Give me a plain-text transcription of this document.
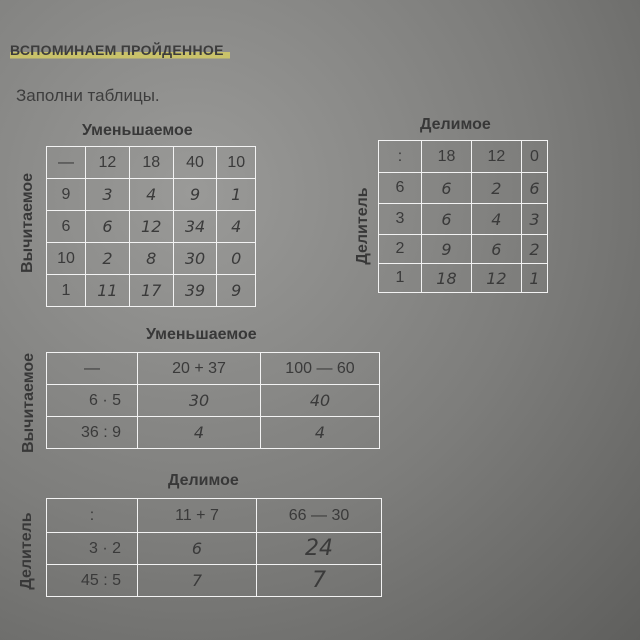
ВСПОМИНАЕМ ПРОЙДЕННОЕ
Заполни таблицы.
Уменьшаемое
Вычитаемое
—	12	18	40	10
9	3	4	9	1
6	6	12	34	4
10	2	8	30	0
1	11	17	39	9
Делимое
Делитель
:	18	12	0
6	6	2	6
3	6	4	3
2	9	6	2
1	18	12	1
Уменьшаемое
Вычитаемое	—	20 + 37	100 — 60
6 · 5	30	40
36 : 9	4	4
Делимое
Делитель	:	11 + 7	66 — 30
3 · 2	6	24
45 : 5	7	7
